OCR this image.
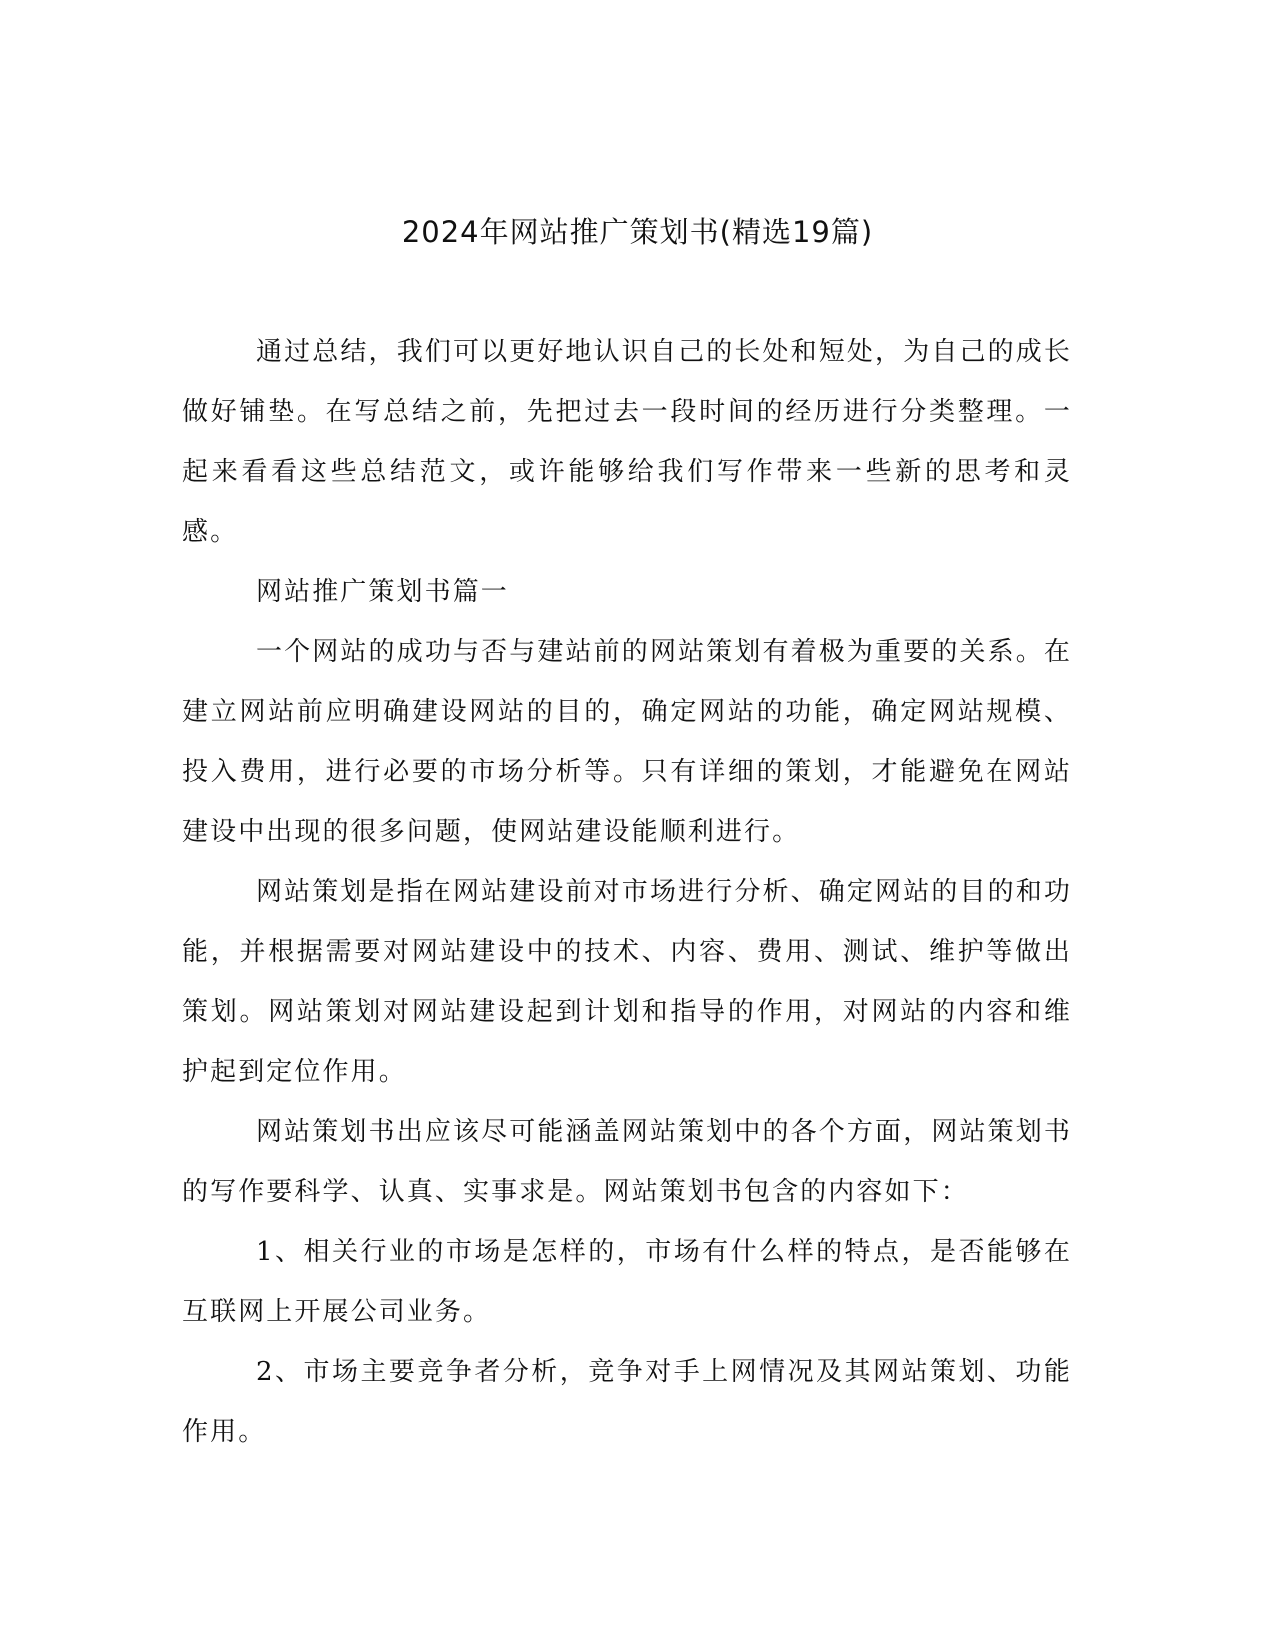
2024年网站推广策划书(精选19篇)

通过总结，我们可以更好地认识自己的长处和短处，为自己的成长做好铺垫。在写总结之前，先把过去一段时间的经历进行分类整理。一起来看看这些总结范文，或许能够给我们写作带来一些新的思考和灵感。

网站推广策划书篇一

一个网站的成功与否与建站前的网站策划有着极为重要的关系。在建立网站前应明确建设网站的目的，确定网站的功能，确定网站规模、投入费用，进行必要的市场分析等。只有详细的策划，才能避免在网站建设中出现的很多问题，使网站建设能顺利进行。

网站策划是指在网站建设前对市场进行分析、确定网站的目的和功能，并根据需要对网站建设中的技术、内容、费用、测试、维护等做出策划。网站策划对网站建设起到计划和指导的作用，对网站的内容和维护起到定位作用。

网站策划书出应该尽可能涵盖网站策划中的各个方面，网站策划书的写作要科学、认真、实事求是。网站策划书包含的内容如下：

1、相关行业的市场是怎样的，市场有什么样的特点，是否能够在互联网上开展公司业务。

2、市场主要竞争者分析，竞争对手上网情况及其网站策划、功能作用。
